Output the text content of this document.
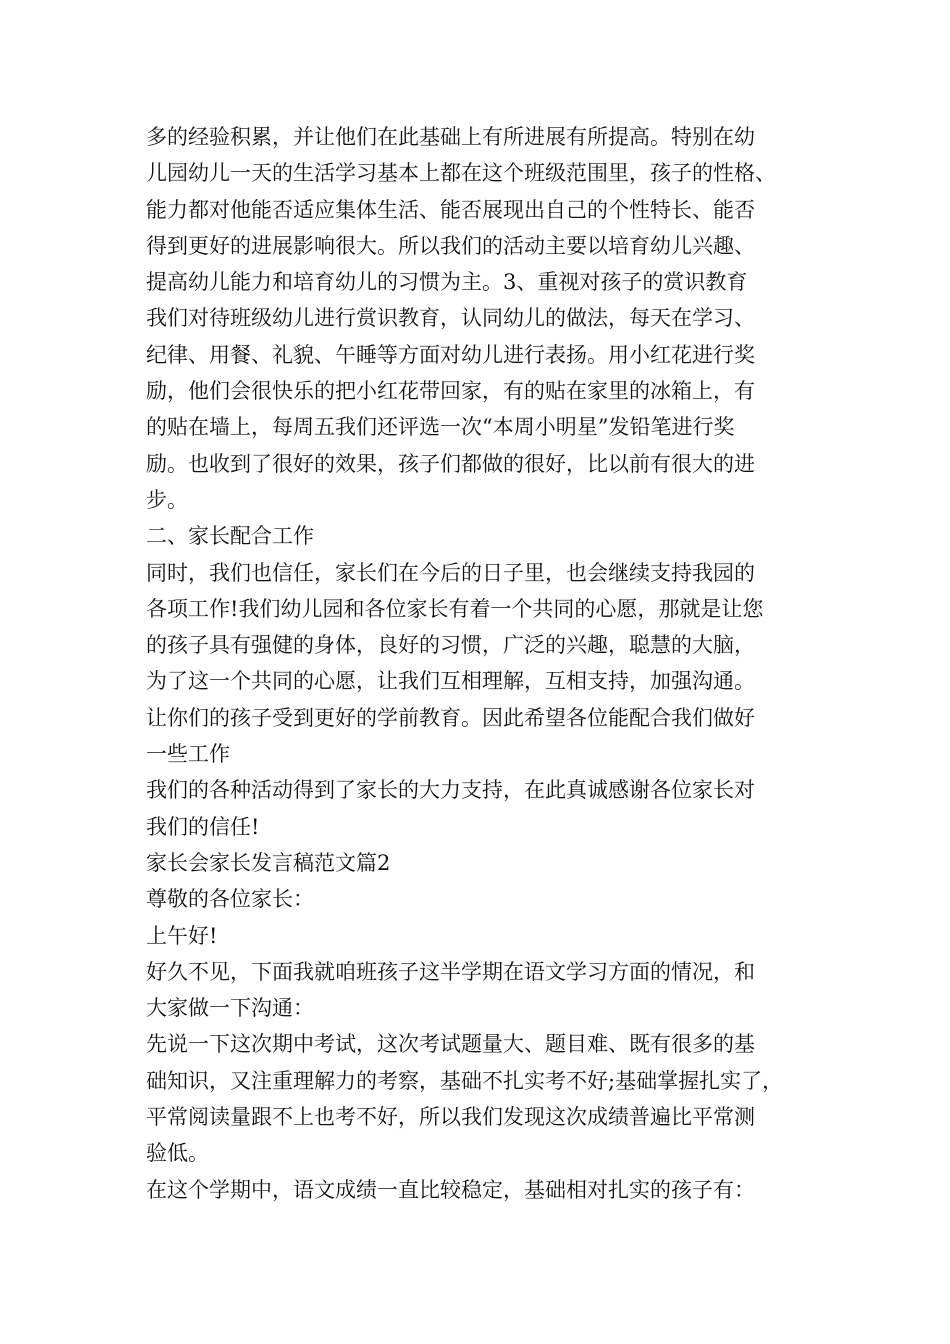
多的经验积累，并让他们在此基础上有所进展有所提高。特别在幼
儿园幼儿一天的生活学习基本上都在这个班级范围里，孩子的性格、
能力都对他能否适应集体生活、能否展现出自己的个性特长、能否
得到更好的进展影响很大。所以我们的活动主要以培育幼儿兴趣、
提高幼儿能力和培育幼儿的习惯为主。3、重视对孩子的赏识教育
我们对待班级幼儿进行赏识教育，认同幼儿的做法，每天在学习、
纪律、用餐、礼貌、午睡等方面对幼儿进行表扬。用小红花进行奖
励，他们会很快乐的把小红花带回家，有的贴在家里的冰箱上，有
的贴在墙上，每周五我们还评选一次“本周小明星”发铅笔进行奖
励。也收到了很好的效果，孩子们都做的很好，比以前有很大的进
步。
二、家长配合工作
同时，我们也信任，家长们在今后的日子里，也会继续支持我园的
各项工作!我们幼儿园和各位家长有着一个共同的心愿，那就是让您
的孩子具有强健的身体，良好的习惯，广泛的兴趣，聪慧的大脑，
为了这一个共同的心愿，让我们互相理解，互相支持，加强沟通。
让你们的孩子受到更好的学前教育。因此希望各位能配合我们做好
一些工作
我们的各种活动得到了家长的大力支持，在此真诚感谢各位家长对
我们的信任!
家长会家长发言稿范文篇2
尊敬的各位家长：
上午好!
好久不见，下面我就咱班孩子这半学期在语文学习方面的情况，和
大家做一下沟通：
先说一下这次期中考试，这次考试题量大、题目难、既有很多的基
础知识，又注重理解力的考察，基础不扎实考不好;基础掌握扎实了，
平常阅读量跟不上也考不好，所以我们发现这次成绩普遍比平常测
验低。
在这个学期中，语文成绩一直比较稳定，基础相对扎实的孩子有：
